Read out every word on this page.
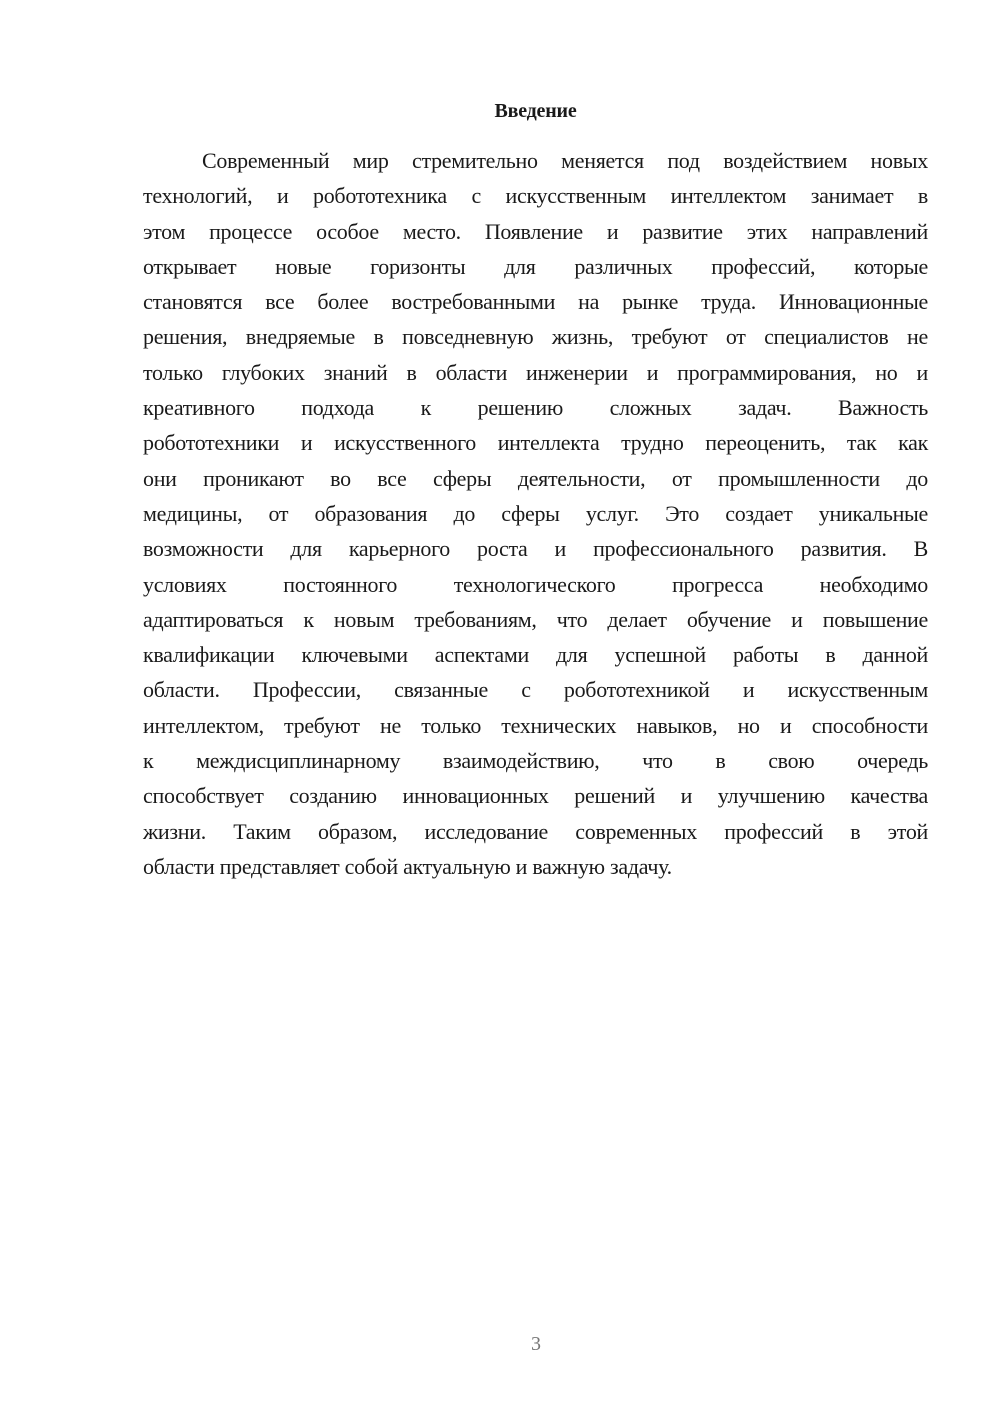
Введение
Современный мир стремительно меняется под воздействием новых
технологий, и робототехника с искусственным интеллектом занимает в
этом процессе особое место. Появление и развитие этих направлений
открывает новые горизонты для различных профессий, которые
становятся все более востребованными на рынке труда. Инновационные
решения, внедряемые в повседневную жизнь, требуют от специалистов не
только глубоких знаний в области инженерии и программирования, но и
креативного подхода к решению сложных задач. Важность
робототехники и искусственного интеллекта трудно переоценить, так как
они проникают во все сферы деятельности, от промышленности до
медицины, от образования до сферы услуг. Это создает уникальные
возможности для карьерного роста и профессионального развития. В
условиях постоянного технологического прогресса необходимо
адаптироваться к новым требованиям, что делает обучение и повышение
квалификации ключевыми аспектами для успешной работы в данной
области. Профессии, связанные с робототехникой и искусственным
интеллектом, требуют не только технических навыков, но и способности
к междисциплинарному взаимодействию, что в свою очередь
способствует созданию инновационных решений и улучшению качества
жизни. Таким образом, исследование современных профессий в этой
области представляет собой актуальную и важную задачу.
3
